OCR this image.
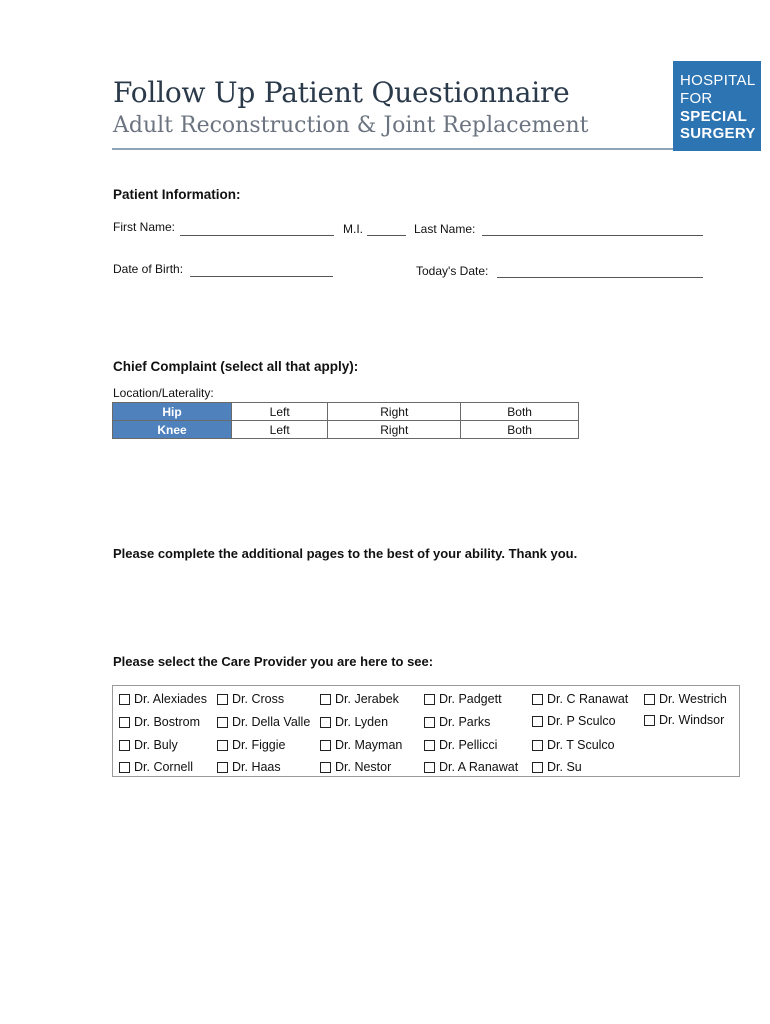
Follow Up Patient Questionnaire
Adult Reconstruction & Joint Replacement
HOSPITAL
FOR
SPECIAL
SURGERY
Patient Information:
First Name:	M.I.	Last Name:
Date of Birth:	Today's Date:
Chief Complaint (select all that apply):
Location/Laterality:
Hip	Left	Right	Both
Knee	Left	Right	Both
Please complete the additional pages to the best of your ability. Thank you.
Please select the Care Provider you are here to see:
Dr. Alexiades
Dr. Bostrom
Dr. Buly
Dr. Cornell
Dr. Cross
Dr. Della Valle
Dr. Figgie
Dr. Haas
Dr. Jerabek
Dr. Lyden
Dr. Mayman
Dr. Nestor
Dr. Padgett
Dr. Parks
Dr. Pellicci
Dr. A Ranawat
Dr. C Ranawat
Dr. P Sculco
Dr. T Sculco
Dr. Su
Dr. Westrich
Dr. Windsor
